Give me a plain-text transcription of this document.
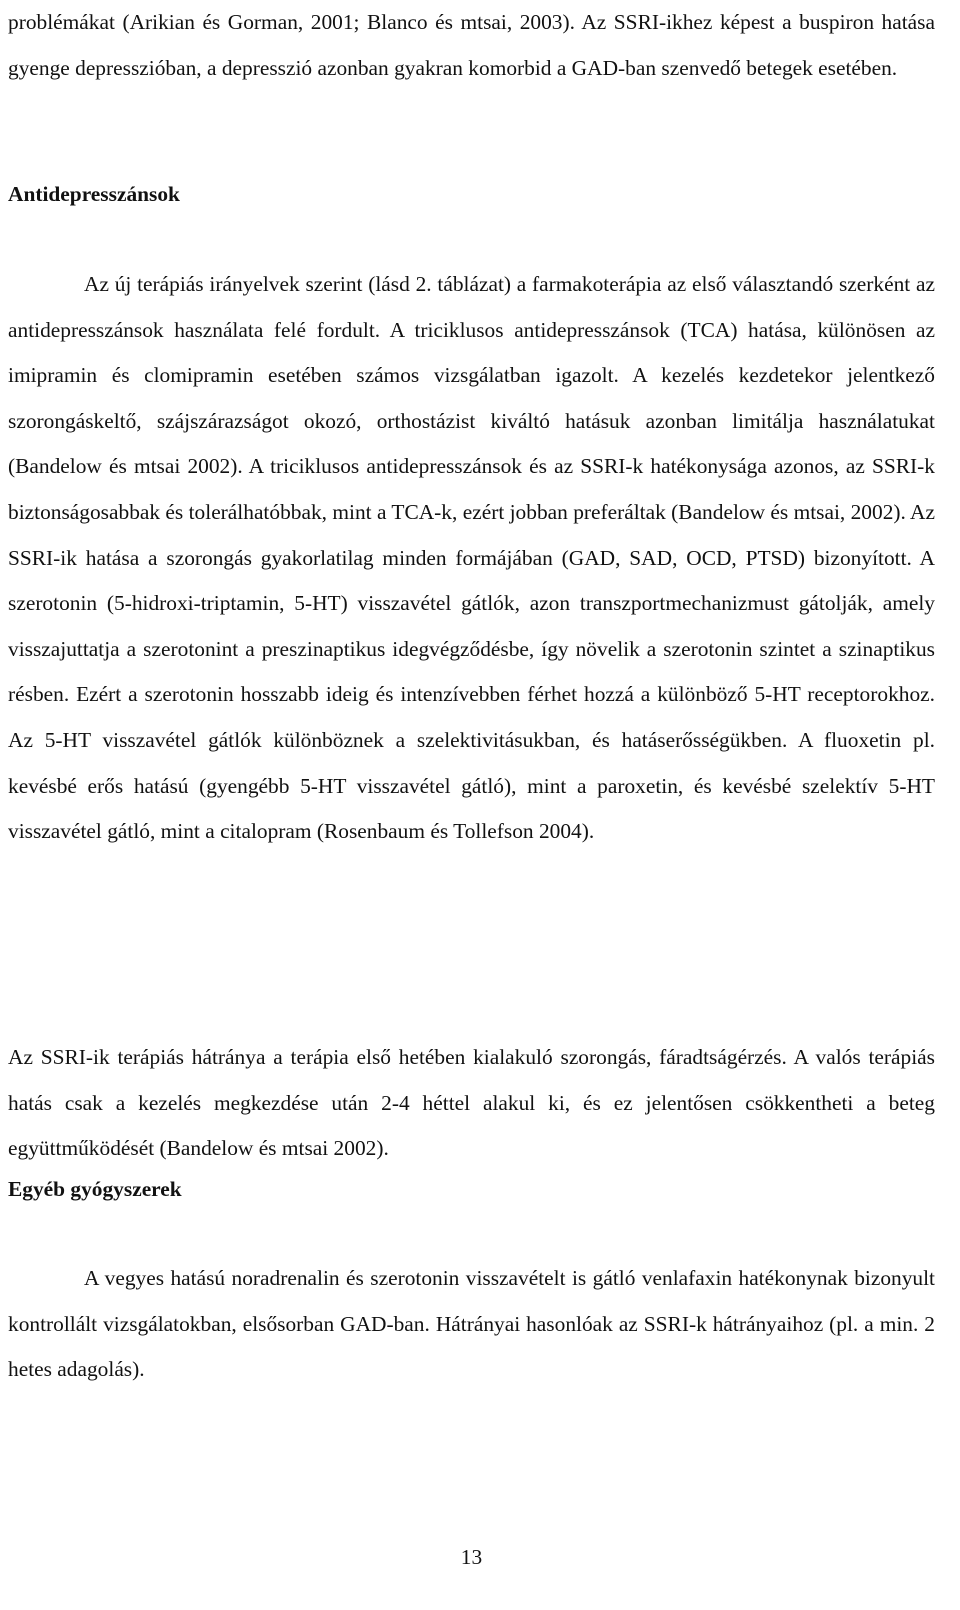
problémákat (Arikian és Gorman, 2001; Blanco és mtsai, 2003). Az SSRI-ikhez képest a buspiron hatása gyenge depresszióban, a depresszió azonban gyakran komorbid a GAD-ban szenvedő betegek esetében.

Antidepresszánsok

Az új terápiás irányelvek szerint (lásd 2. táblázat) a farmakoterápia az első választandó szerként az antidepresszánsok használata felé fordult. A triciklusos antidepresszánsok (TCA) hatása, különösen az imipramin és clomipramin esetében számos vizsgálatban igazolt. A kezelés kezdetekor jelentkező szorongáskeltő, szájszárazságot okozó, orthostázist kiváltó hatásuk azonban limitálja használatukat (Bandelow és mtsai 2002). A triciklusos antidepresszánsok és az SSRI-k hatékonysága azonos, az SSRI-k biztonságosabbak és tolerálhatóbbak, mint a TCA-k, ezért jobban preferáltak (Bandelow és mtsai, 2002). Az SSRI-ik hatása a szorongás gyakorlatilag minden formájában (GAD, SAD, OCD, PTSD) bizonyított. A szerotonin (5-hidroxi-triptamin, 5-HT) visszavétel gátlók, azon transzportmechanizmust gátolják, amely visszajuttatja a szerotonint a preszinaptikus idegvégződésbe, így növelik a szerotonin szintet a szinaptikus résben. Ezért a szerotonin hosszabb ideig és intenzívebben férhet hozzá a különböző 5-HT receptorokhoz. Az 5-HT visszavétel gátlók különböznek a szelektivitásukban, és hatáserősségükben. A fluoxetin pl. kevésbé erős hatású (gyengébb 5-HT visszavétel gátló), mint a paroxetin, és kevésbé szelektív 5-HT visszavétel gátló, mint a citalopram (Rosenbaum és Tollefson 2004).

Az SSRI-ik terápiás hátránya a terápia első hetében kialakuló szorongás, fáradtságérzés. A valós terápiás hatás csak a kezelés megkezdése után 2-4 héttel alakul ki, és ez jelentősen csökkentheti a beteg együttműködését (Bandelow és mtsai 2002).

Egyéb gyógyszerek

A vegyes hatású noradrenalin és szerotonin visszavételt is gátló venlafaxin hatékonynak bizonyult kontrollált vizsgálatokban, elsősorban GAD-ban. Hátrányai hasonlóak az SSRI-k hátrányaihoz (pl. a min. 2 hetes adagolás).

13
